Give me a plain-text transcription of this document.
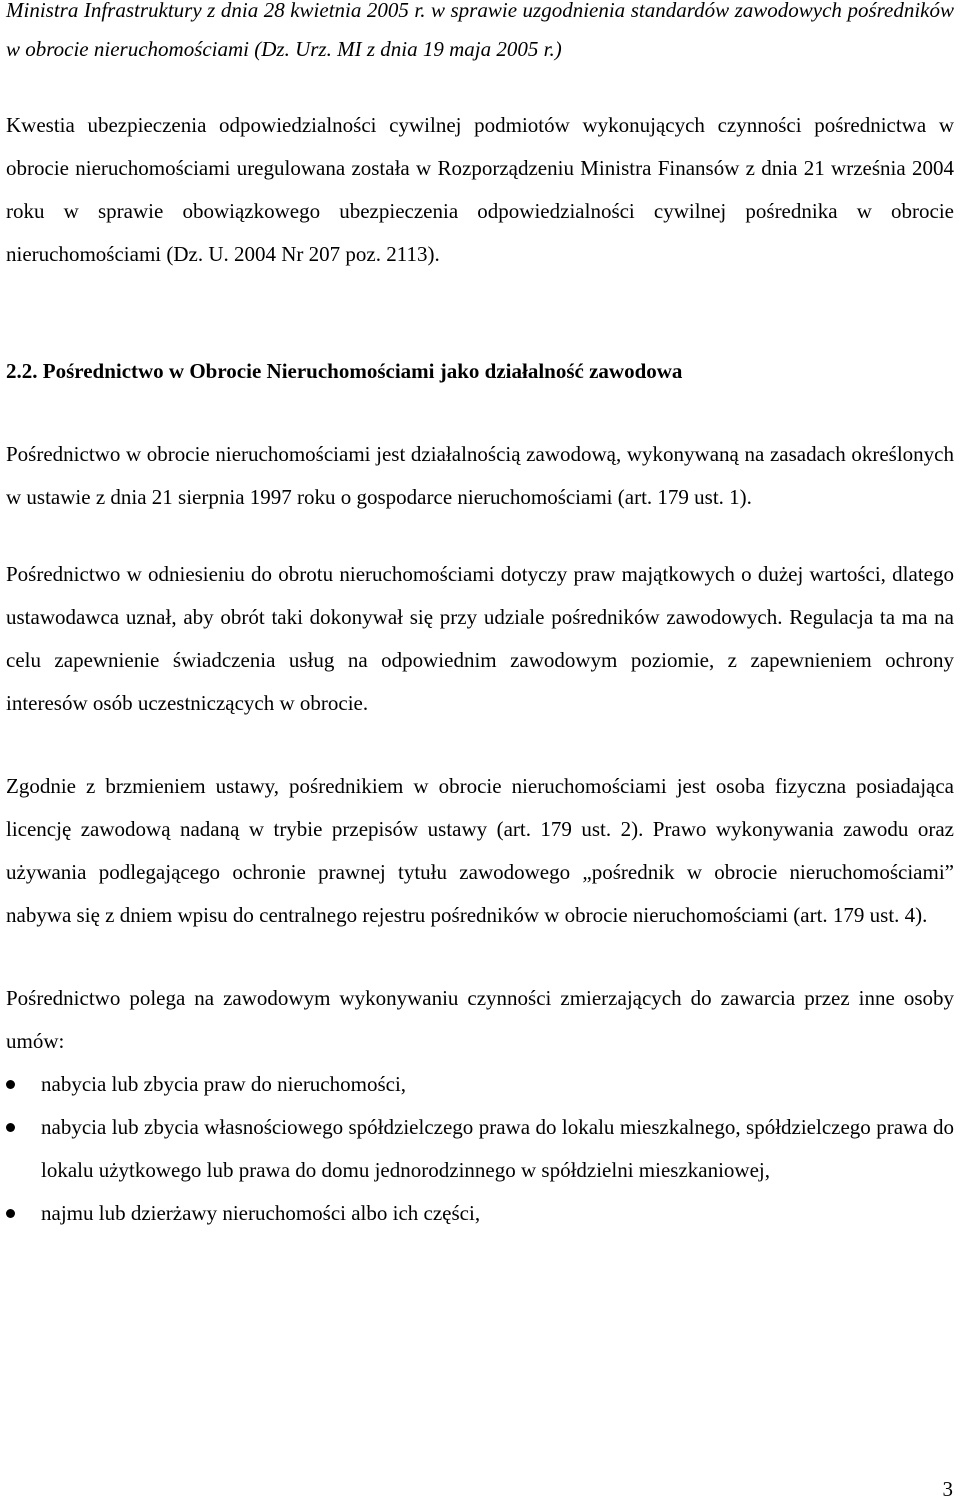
Ministra Infrastruktury z dnia 28 kwietnia 2005 r. w sprawie uzgodnienia standardów zawodowych pośredników w obrocie nieruchomościami (Dz. Urz. MI z dnia 19 maja 2005 r.)

Kwestia ubezpieczenia odpowiedzialności cywilnej podmiotów wykonujących czynności pośrednictwa w obrocie nieruchomościami uregulowana została w Rozporządzeniu Ministra Finansów z dnia 21 września 2004 roku w sprawie obowiązkowego ubezpieczenia odpowiedzialności cywilnej pośrednika w obrocie nieruchomościami (Dz. U. 2004 Nr 207 poz. 2113).

2.2. Pośrednictwo w Obrocie Nieruchomościami jako działalność zawodowa

Pośrednictwo w obrocie nieruchomościami jest działalnością zawodową, wykonywaną na zasadach określonych w ustawie z dnia 21 sierpnia 1997 roku o gospodarce nieruchomościami (art. 179 ust. 1).

Pośrednictwo w odniesieniu do obrotu nieruchomościami dotyczy praw majątkowych o dużej wartości, dlatego ustawodawca uznał, aby obrót taki dokonywał się przy udziale pośredników zawodowych. Regulacja ta ma na celu zapewnienie świadczenia usług na odpowiednim zawodowym poziomie, z zapewnieniem ochrony interesów osób uczestniczących w obrocie.

Zgodnie z brzmieniem ustawy, pośrednikiem w obrocie nieruchomościami jest osoba fizyczna posiadająca licencję zawodową nadaną w trybie przepisów ustawy (art. 179 ust. 2). Prawo wykonywania zawodu oraz używania podlegającego ochronie prawnej tytułu zawodowego „pośrednik w obrocie nieruchomościami” nabywa się z dniem wpisu do centralnego rejestru pośredników w obrocie nieruchomościami (art. 179 ust. 4).

Pośrednictwo polega na zawodowym wykonywaniu czynności zmierzających do zawarcia przez inne osoby umów:

nabycia lub zbycia praw do nieruchomości,
nabycia lub zbycia własnościowego spółdzielczego prawa do lokalu mieszkalnego, spółdzielczego prawa do lokalu użytkowego lub prawa do domu jednorodzinnego w spółdzielni mieszkaniowej,
najmu lub dzierżawy nieruchomości albo ich części,
3
